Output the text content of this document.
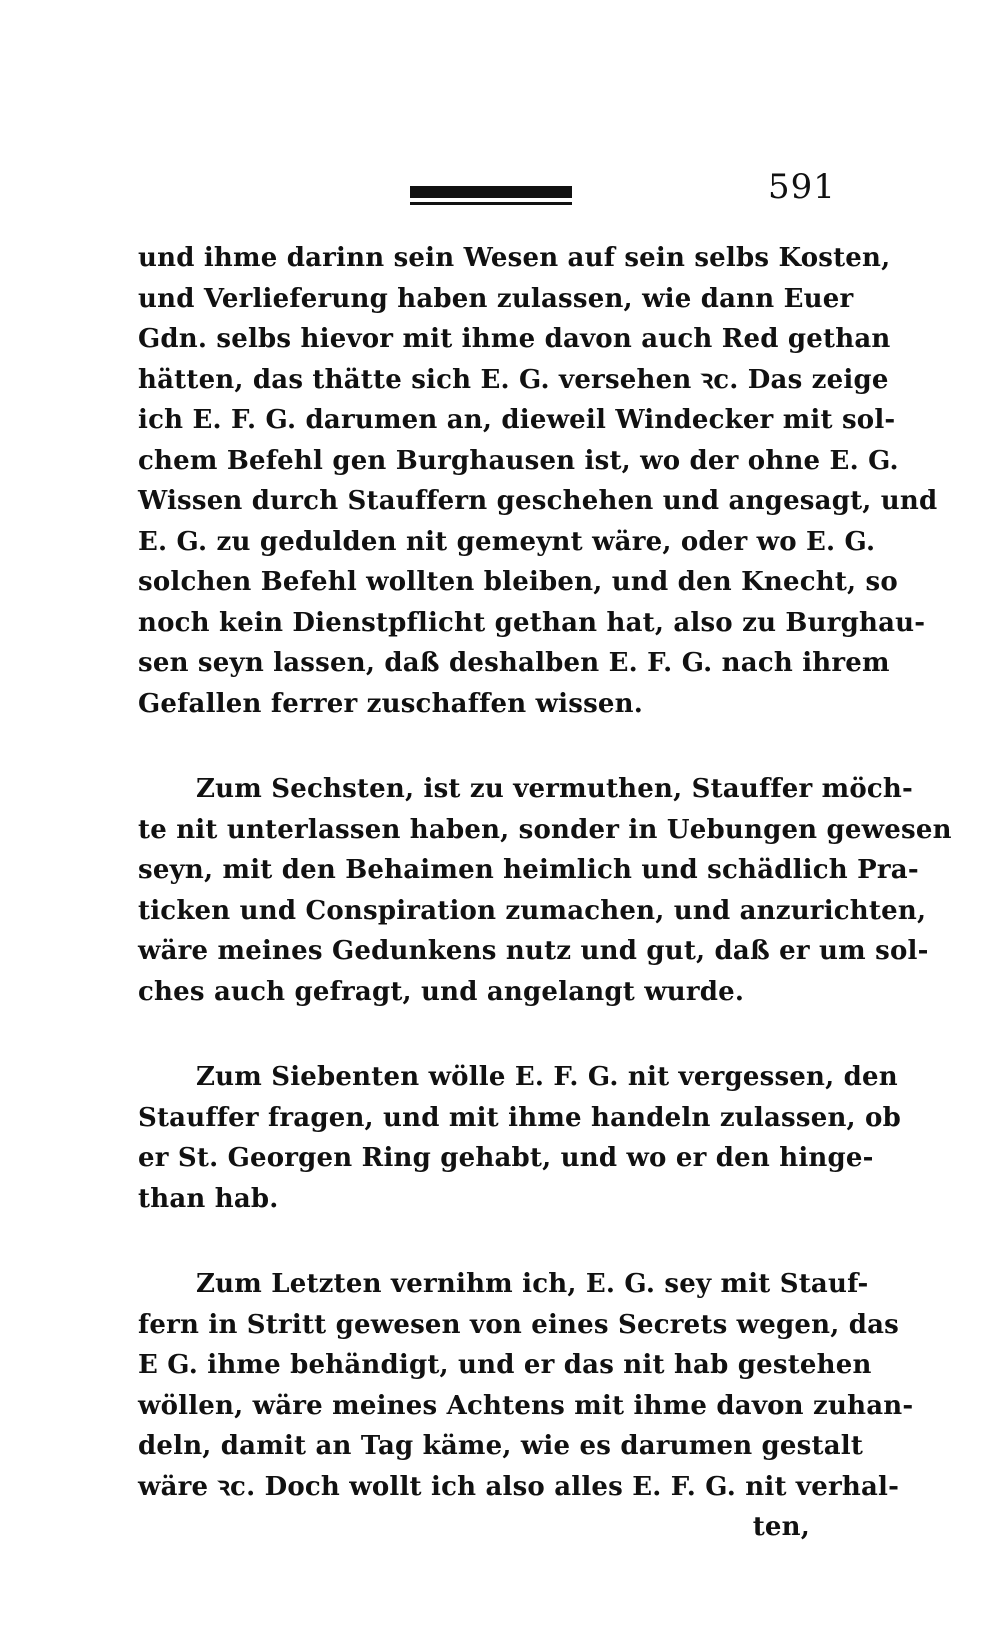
591
und ihme darinn sein Wesen auf sein selbs Kosten,
und Verlieferung haben zulassen, wie dann Euer
Gdn. selbs hievor mit ihme davon auch Red gethan
hätten, das thätte sich E. G. versehen ꝛc. Das zeige
ich E. F. G. darumen an, dieweil Windecker mit sol-
chem Befehl gen Burghausen ist, wo der ohne E. G.
Wissen durch Stauffern geschehen und angesagt, und
E. G. zu gedulden nit gemeynt wäre, oder wo E. G.
solchen Befehl wollten bleiben, und den Knecht, so
noch kein Dienstpflicht gethan hat, also zu Burghau-
sen seyn lassen, daß deshalben E. F. G. nach ihrem
Gefallen ferrer zuschaffen wissen.
Zum Sechsten, ist zu vermuthen, Stauffer möch-
te nit unterlassen haben, sonder in Uebungen gewesen
seyn, mit den Behaimen heimlich und schädlich Pra-
ticken und Conspiration zumachen, und anzurichten,
wäre meines Gedunkens nutz und gut, daß er um sol-
ches auch gefragt, und angelangt wurde.
Zum Siebenten wölle E. F. G. nit vergessen, den
Stauffer fragen, und mit ihme handeln zulassen, ob
er St. Georgen Ring gehabt, und wo er den hinge-
than hab.
Zum Letzten vernihm ich, E. G. sey mit Stauf-
fern in Stritt gewesen von eines Secrets wegen, das
E G. ihme behändigt, und er das nit hab gestehen
wöllen, wäre meines Achtens mit ihme davon zuhan-
deln, damit an Tag käme, wie es darumen gestalt
wäre ꝛc. Doch wollt ich also alles E. F. G. nit verhal-
ten,
